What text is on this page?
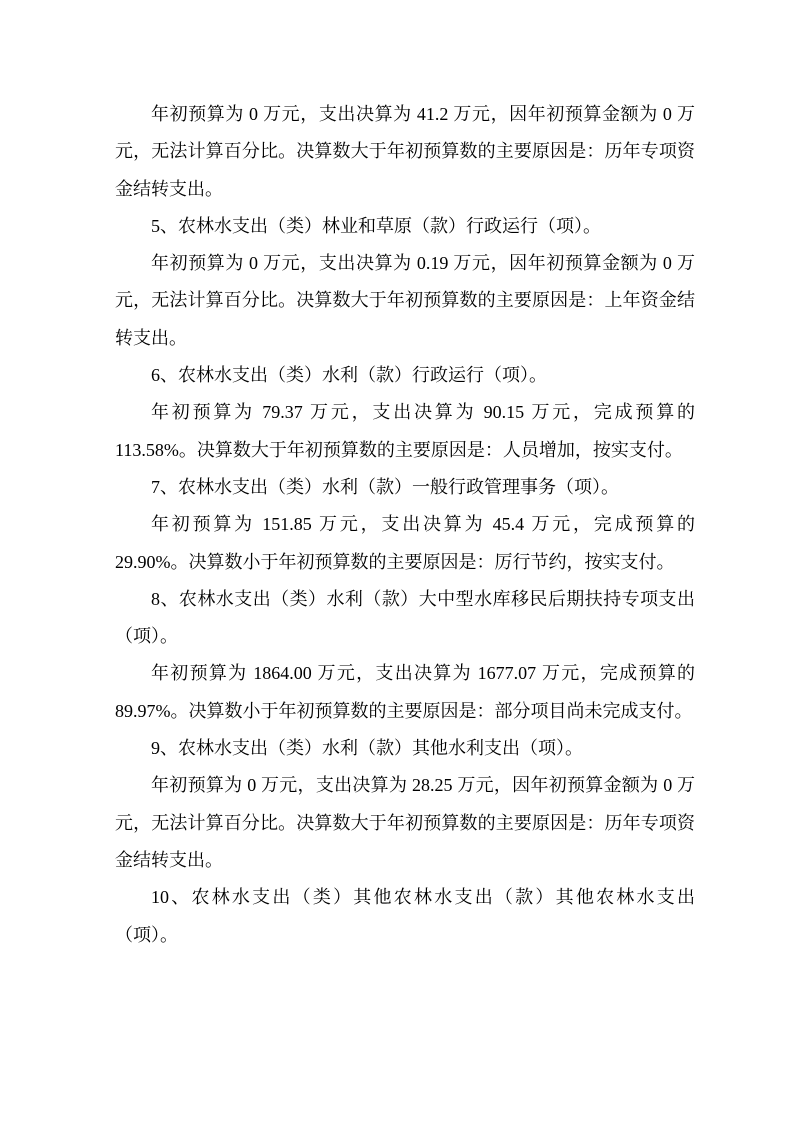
年初预算为 0 万元，支出决算为 41.2 万元，因年初预算金额为 0 万元，无法计算百分比。决算数大于年初预算数的主要原因是：历年专项资金结转支出。

5、农林水支出（类）林业和草原（款）行政运行（项）。

年初预算为 0 万元，支出决算为 0.19 万元，因年初预算金额为 0 万元，无法计算百分比。决算数大于年初预算数的主要原因是：上年资金结转支出。

6、农林水支出（类）水利（款）行政运行（项）。

年初预算为 79.37 万元，支出决算为 90.15 万元，完成预算的 113.58%。决算数大于年初预算数的主要原因是：人员增加，按实支付。

7、农林水支出（类）水利（款）一般行政管理事务（项）。

年初预算为 151.85 万元，支出决算为 45.4 万元，完成预算的 29.90%。决算数小于年初预算数的主要原因是：厉行节约，按实支付。

8、农林水支出（类）水利（款）大中型水库移民后期扶持专项支出（项）。

年初预算为 1864.00 万元，支出决算为 1677.07 万元，完成预算的 89.97%。决算数小于年初预算数的主要原因是：部分项目尚未完成支付。

9、农林水支出（类）水利（款）其他水利支出（项）。

年初预算为 0 万元，支出决算为 28.25 万元，因年初预算金额为 0 万元，无法计算百分比。决算数大于年初预算数的主要原因是：历年专项资金结转支出。

10、农林水支出（类）其他农林水支出（款）其他农林水支出（项）。
